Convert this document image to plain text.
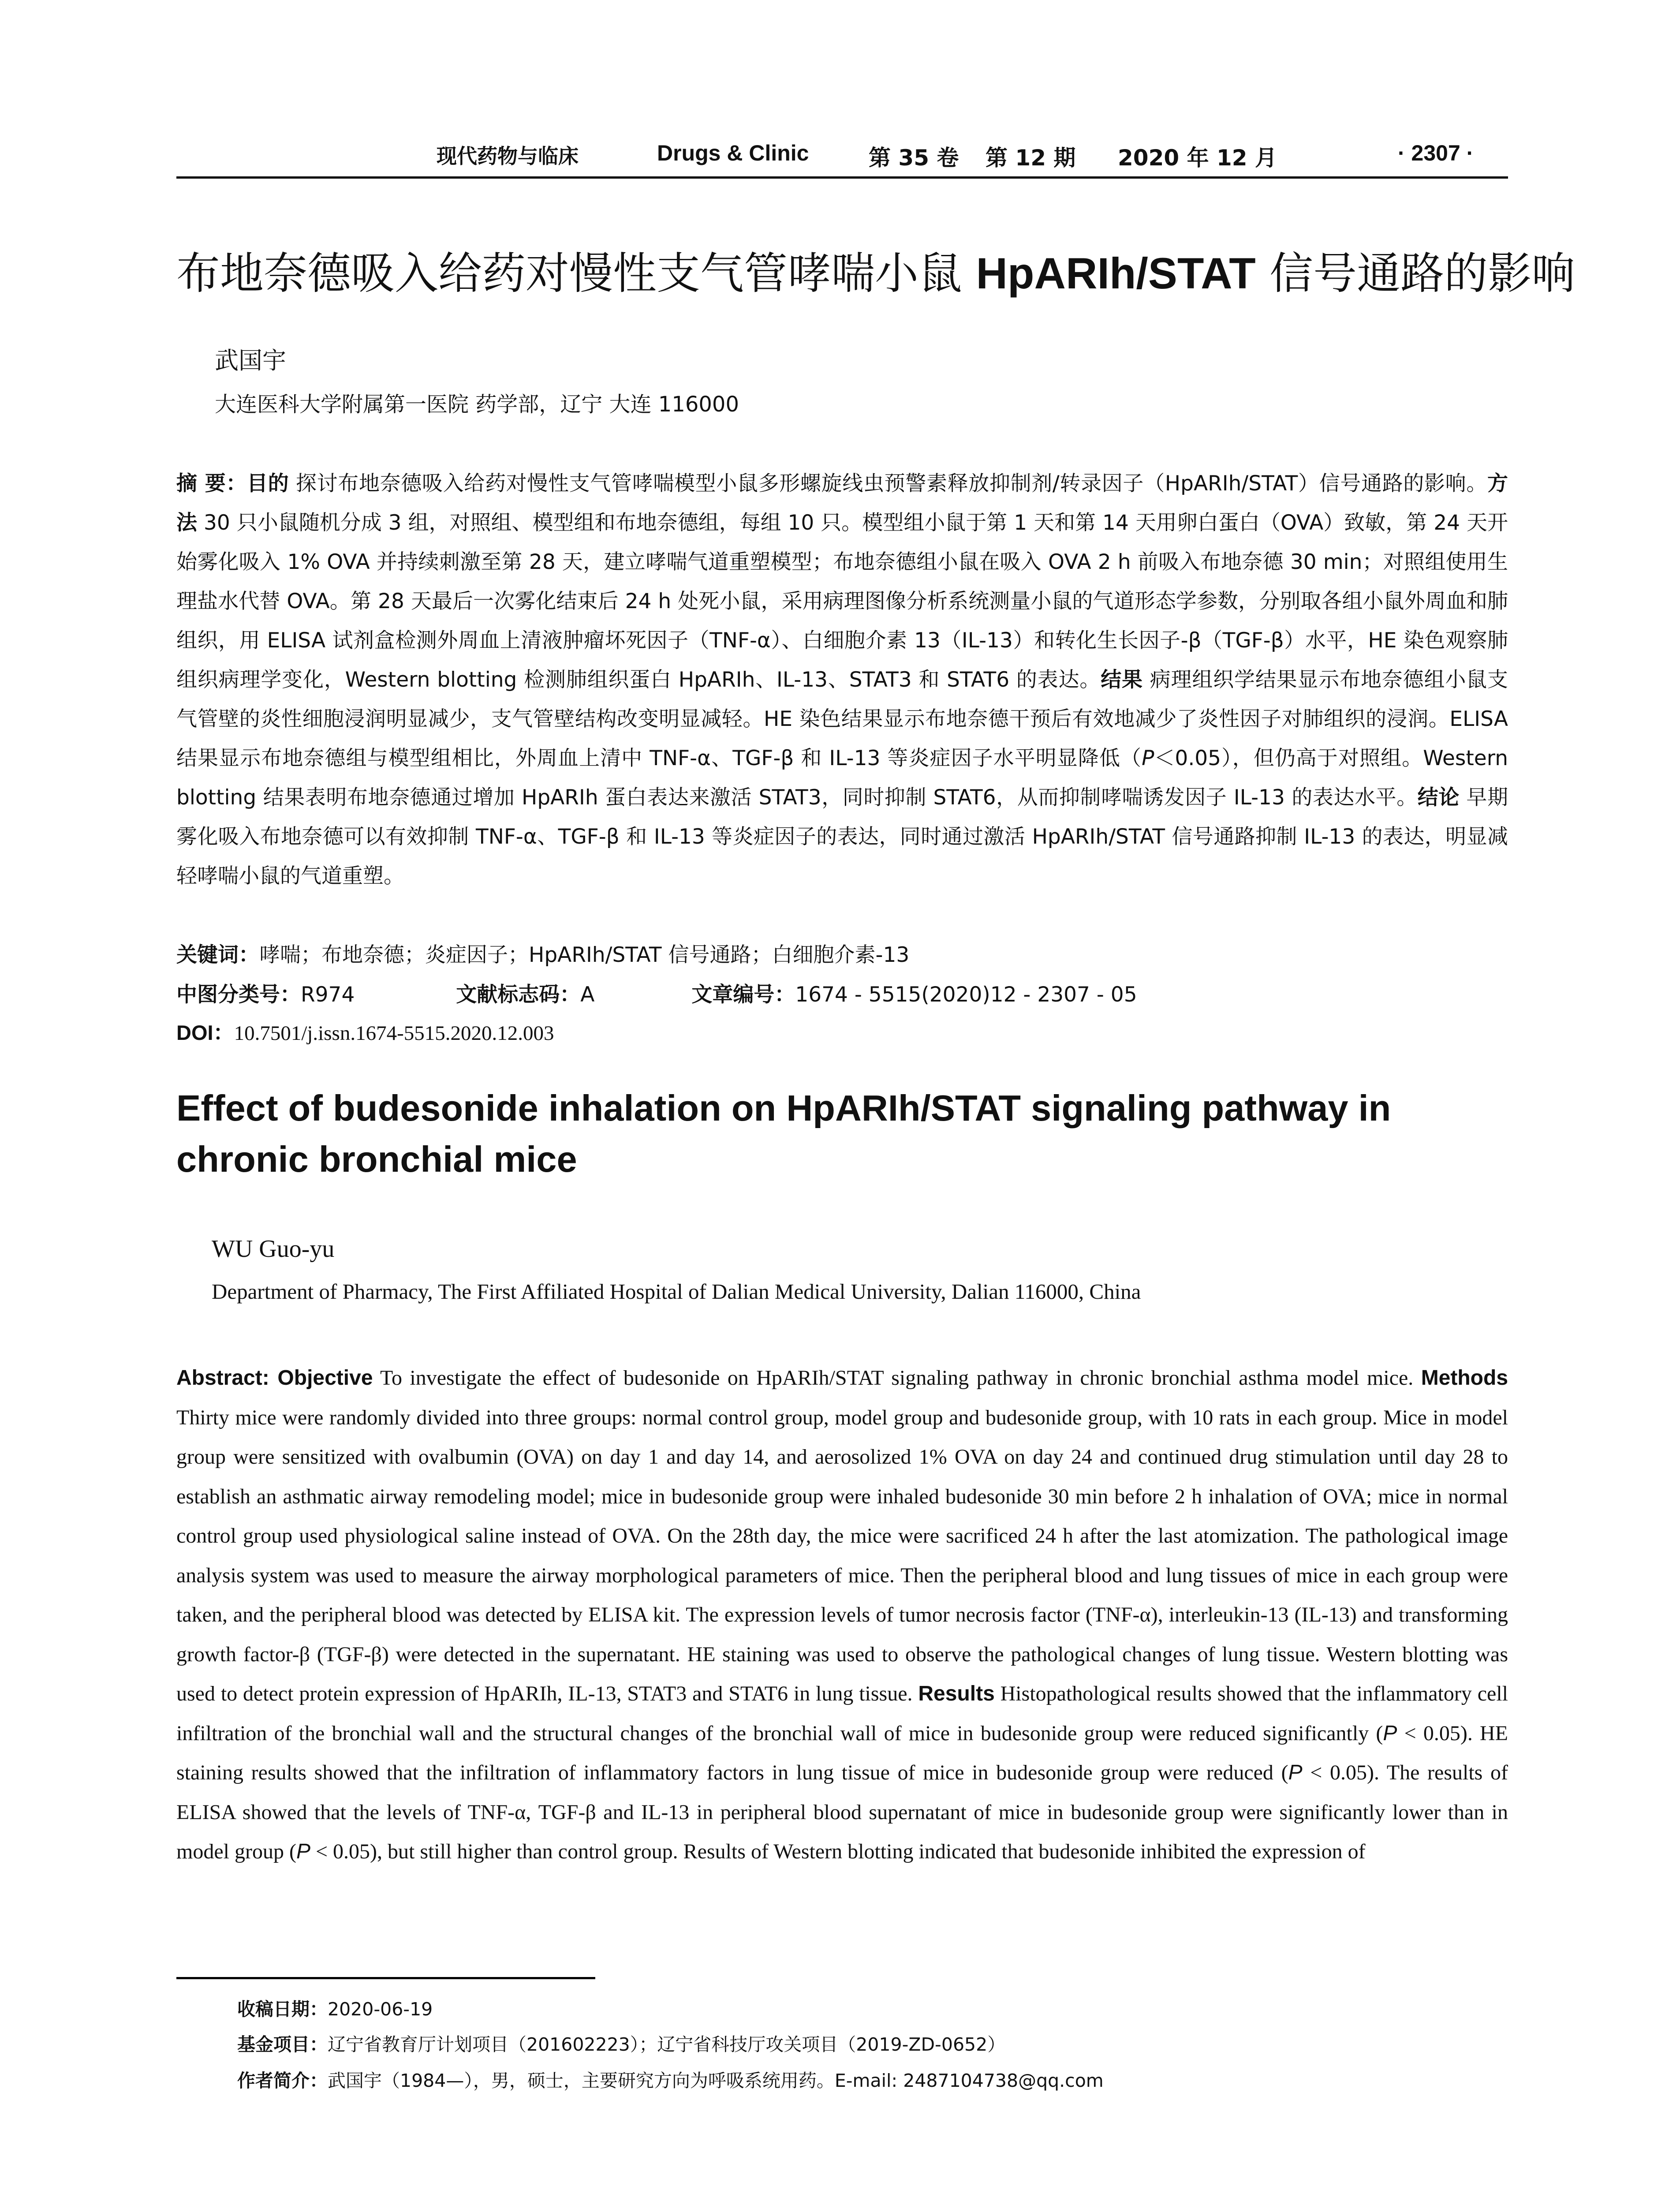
现代药物与临床	Drugs & Clinic	第 35 卷 第 12 期 2020 年 12 月	· 2307 ·
布地奈德吸入给药对慢性支气管哮喘小鼠 HpARIh/STAT 信号通路的影响
武国宇
大连医科大学附属第一医院 药学部，辽宁 大连 116000
摘 要：目的 探讨布地奈德吸入给药对慢性支气管哮喘模型小鼠多形螺旋线虫预警素释放抑制剂/转录因子（HpARIh/STAT）信号通路的影响。方法 30 只小鼠随机分成 3 组，对照组、模型组和布地奈德组，每组 10 只。模型组小鼠于第 1 天和第 14 天用卵白蛋白（OVA）致敏，第 24 天开始雾化吸入 1% OVA 并持续刺激至第 28 天，建立哮喘气道重塑模型；布地奈德组小鼠在吸入 OVA 2 h 前吸入布地奈德 30 min；对照组使用生理盐水代替 OVA。第 28 天最后一次雾化结束后 24 h 处死小鼠，采用病理图像分析系统测量小鼠的气道形态学参数，分别取各组小鼠外周血和肺组织，用 ELISA 试剂盒检测外周血上清液肿瘤坏死因子（TNF-α）、白细胞介素 13（IL-13）和转化生长因子-β（TGF-β）水平，HE 染色观察肺组织病理学变化，Western blotting 检测肺组织蛋白 HpARIh、IL-13、STAT3 和 STAT6 的表达。结果 病理组织学结果显示布地奈德组小鼠支气管壁的炎性细胞浸润明显减少，支气管壁结构改变明显减轻。HE 染色结果显示布地奈德干预后有效地减少了炎性因子对肺组织的浸润。ELISA 结果显示布地奈德组与模型组相比，外周血上清中 TNF-α、TGF-β 和 IL-13 等炎症因子水平明显降低（P＜0.05），但仍高于对照组。Western blotting 结果表明布地奈德通过增加 HpARIh 蛋白表达来激活 STAT3，同时抑制 STAT6，从而抑制哮喘诱发因子 IL-13 的表达水平。结论 早期雾化吸入布地奈德可以有效抑制 TNF-α、TGF-β 和 IL-13 等炎症因子的表达，同时通过激活 HpARIh/STAT 信号通路抑制 IL-13 的表达，明显减轻哮喘小鼠的气道重塑。
关键词：哮喘；布地奈德；炎症因子；HpARIh/STAT 信号通路；白细胞介素-13
中图分类号：R974	文献标志码：A	文章编号：1674 - 5515(2020)12 - 2307 - 05
DOI：10.7501/j.issn.1674-5515.2020.12.003
Effect of budesonide inhalation on HpARIh/STAT signaling pathway in chronic bronchial mice
WU Guo-yu
Department of Pharmacy, The First Affiliated Hospital of Dalian Medical University, Dalian 116000, China
Abstract: Objective To investigate the effect of budesonide on HpARIh/STAT signaling pathway in chronic bronchial asthma model mice. Methods Thirty mice were randomly divided into three groups: normal control group, model group and budesonide group, with 10 rats in each group. Mice in model group were sensitized with ovalbumin (OVA) on day 1 and day 14, and aerosolized 1% OVA on day 24 and continued drug stimulation until day 28 to establish an asthmatic airway remodeling model; mice in budesonide group were inhaled budesonide 30 min before 2 h inhalation of OVA; mice in normal control group used physiological saline instead of OVA. On the 28th day, the mice were sacrificed 24 h after the last atomization. The pathological image analysis system was used to measure the airway morphological parameters of mice. Then the peripheral blood and lung tissues of mice in each group were taken, and the peripheral blood was detected by ELISA kit. The expression levels of tumor necrosis factor (TNF-α), interleukin-13 (IL-13) and transforming growth factor-β (TGF-β) were detected in the supernatant. HE staining was used to observe the pathological changes of lung tissue. Western blotting was used to detect protein expression of HpARIh, IL-13, STAT3 and STAT6 in lung tissue. Results Histopathological results showed that the inflammatory cell infiltration of the bronchial wall and the structural changes of the bronchial wall of mice in budesonide group were reduced significantly (P < 0.05). HE staining results showed that the infiltration of inflammatory factors in lung tissue of mice in budesonide group were reduced (P < 0.05). The results of ELISA showed that the levels of TNF-α, TGF-β and IL-13 in peripheral blood supernatant of mice in budesonide group were significantly lower than in model group (P < 0.05), but still higher than control group. Results of Western blotting indicated that budesonide inhibited the expression of
收稿日期：2020-06-19
基金项目：辽宁省教育厅计划项目（201602223）；辽宁省科技厅攻关项目（2019-ZD-0652）
作者简介：武国宇（1984—），男，硕士，主要研究方向为呼吸系统用药。E-mail: 2487104738@qq.com
